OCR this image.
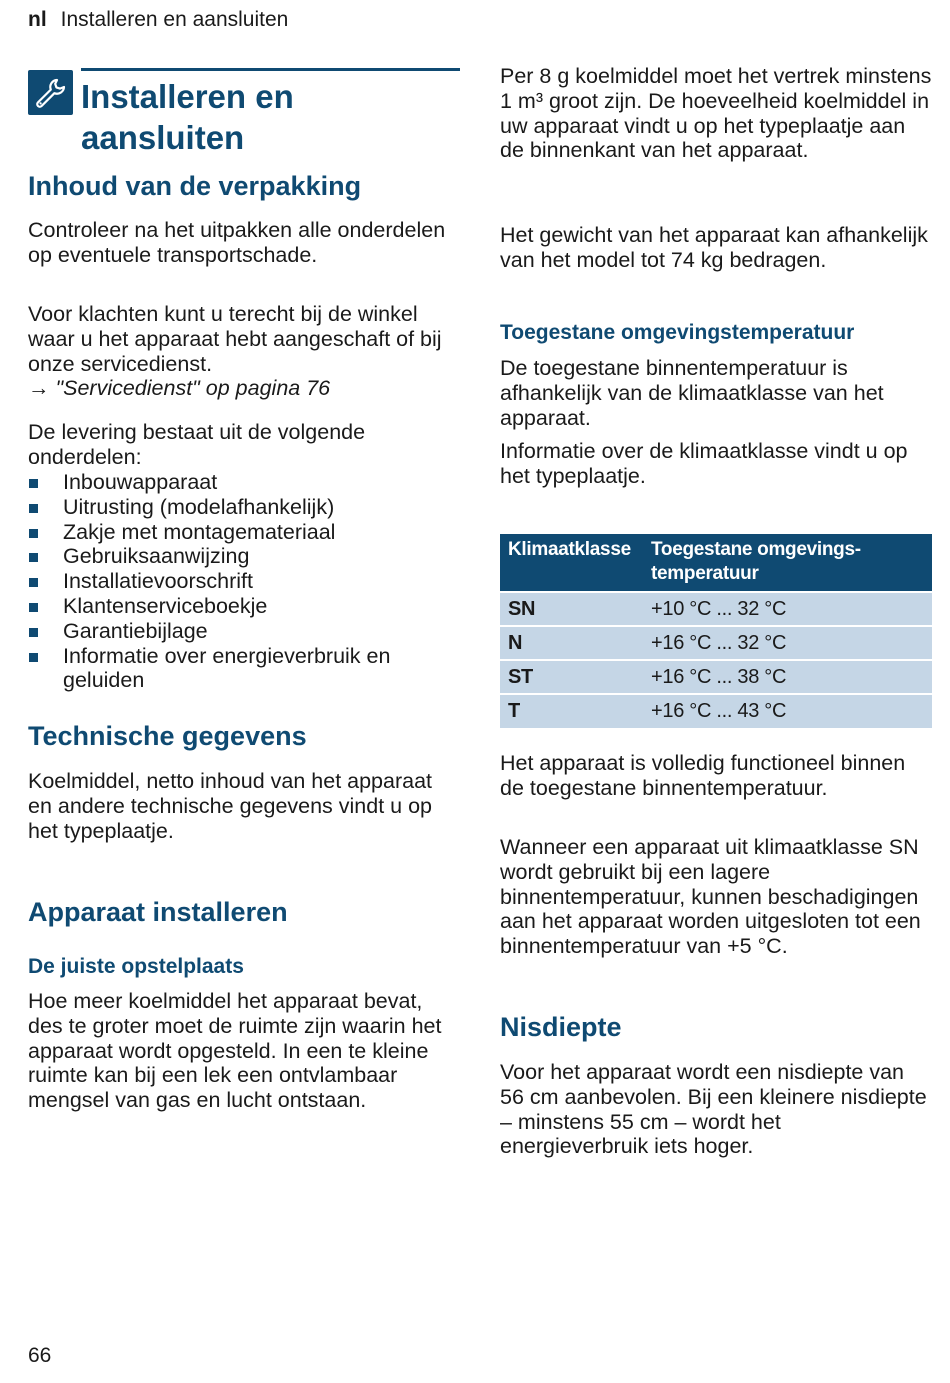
nl Installeren en aansluiten
Installeren en aansluiten
Inhoud van de verpakking

Controleer na het uitpakken alle onderdelen op eventuele transportschade.

Voor klachten kunt u terecht bij de winkel waar u het apparaat hebt aangeschaft of bij onze servicedienst.
→ "Servicedienst" op pagina 76

De levering bestaat uit de volgende onderdelen:

Inbouwapparaat
Uitrusting (modelafhankelijk)
Zakje met montagemateriaal
Gebruiksaanwijzing
Installatievoorschrift
Klantenserviceboekje
Garantiebijlage
Informatie over energieverbruik en geluiden
Technische gegevens

Koelmiddel, netto inhoud van het apparaat en andere technische gegevens vindt u op het typeplaatje.

Apparaat installeren
De juiste opstelplaats

Hoe meer koelmiddel het apparaat bevat, des te groter moet de ruimte zijn waarin het apparaat wordt opgesteld. In een te kleine ruimte kan bij een lek een ontvlambaar mengsel van gas en lucht ontstaan.

Per 8 g koelmiddel moet het vertrek minstens 1 m³ groot zijn. De hoeveelheid koelmiddel in uw apparaat vindt u op het typeplaatje aan de binnenkant van het apparaat.

Het gewicht van het apparaat kan afhankelijk van het model tot 74 kg bedragen.

Toegestane omgevingstemperatuur

De toegestane binnentemperatuur is afhankelijk van de klimaatklasse van het apparaat.

Informatie over de klimaatklasse vindt u op het typeplaatje.

Klimaatklasse	Toegestane omgevings-
temperatuur
SN	+10 °C ... 32 °C
N	+16 °C ... 32 °C
ST	+16 °C ... 38 °C
T	+16 °C ... 43 °C

Het apparaat is volledig functioneel binnen de toegestane binnentemperatuur.

Wanneer een apparaat uit klimaatklasse SN wordt gebruikt bij een lagere binnentemperatuur, kunnen beschadigingen aan het apparaat worden uitgesloten tot een binnentemperatuur van +5 °C.

Nisdiepte

Voor het apparaat wordt een nisdiepte van 56 cm aanbevolen. Bij een kleinere nisdiepte – minstens 55 cm – wordt het energieverbruik iets hoger.

66
